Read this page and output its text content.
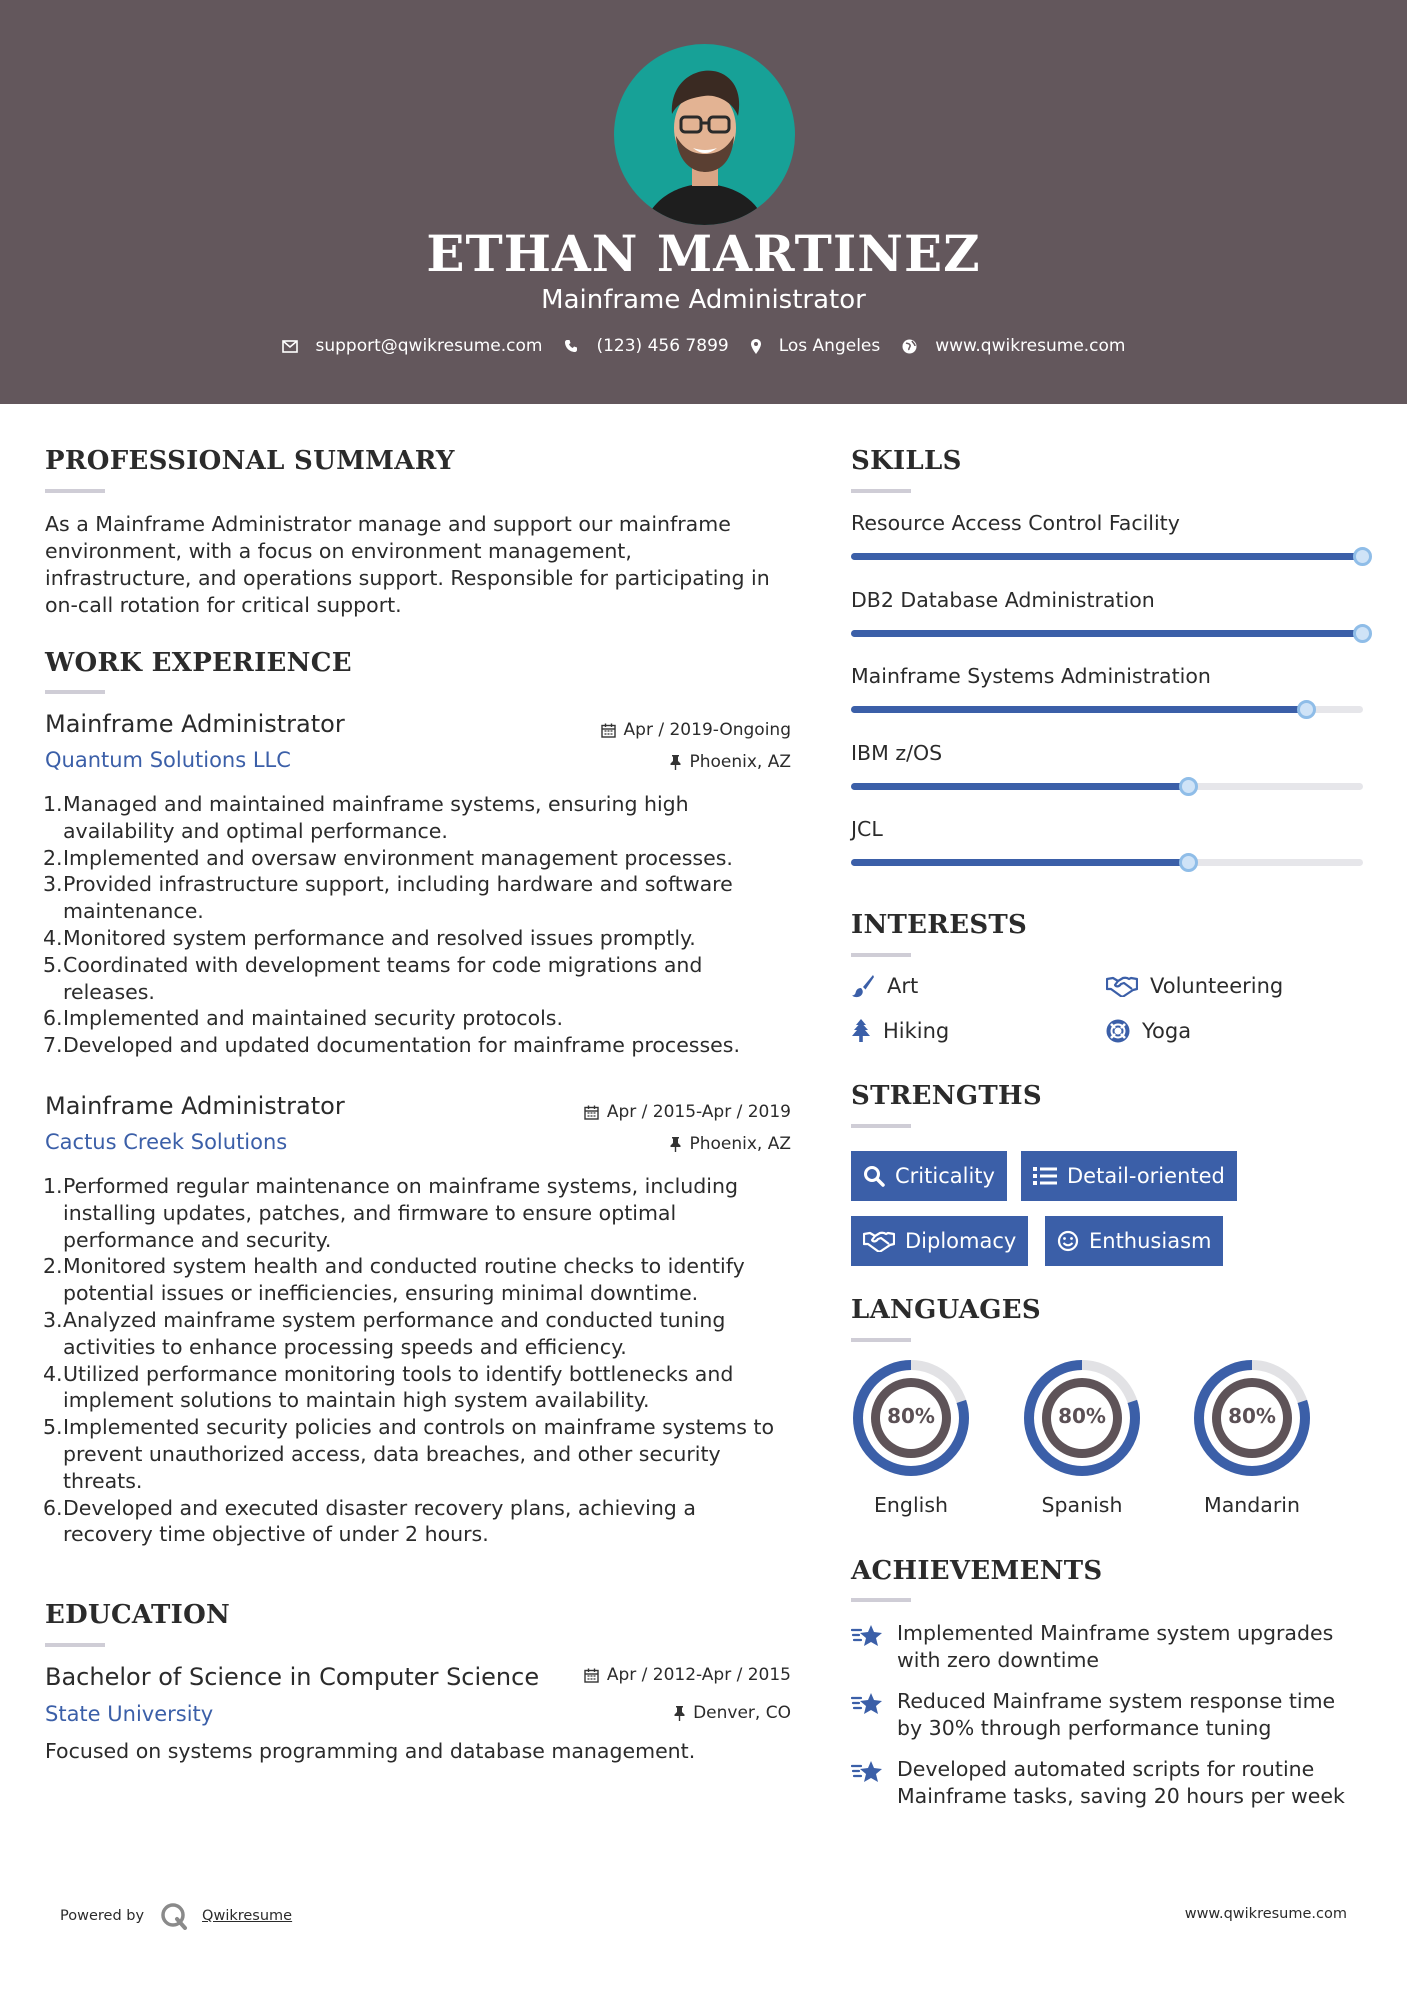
ETHAN MARTINEZ
Mainframe Administrator
support@qwikresume.com	(123) 456 7899	Los Angeles	www.qwikresume.com
PROFESSIONAL SUMMARY
As a Mainframe Administrator manage and support our mainframe
environment, with a focus on environment management,
infrastructure, and operations support. Responsible for participating in
on-call rotation for critical support.
WORK EXPERIENCE
Mainframe Administrator	Apr / 2019-Ongoing
Quantum Solutions LLC	Phoenix, AZ
1. Managed and maintained mainframe systems, ensuring high
availability and optimal performance.
2. Implemented and oversaw environment management processes.
3. Provided infrastructure support, including hardware and software
maintenance.
4. Monitored system performance and resolved issues promptly.
5. Coordinated with development teams for code migrations and
releases.
6. Implemented and maintained security protocols.
7. Developed and updated documentation for mainframe processes.
Mainframe Administrator	Apr / 2015-Apr / 2019
Cactus Creek Solutions	Phoenix, AZ
1. Performed regular maintenance on mainframe systems, including
installing updates, patches, and firmware to ensure optimal
performance and security.
2. Monitored system health and conducted routine checks to identify
potential issues or inefficiencies, ensuring minimal downtime.
3. Analyzed mainframe system performance and conducted tuning
activities to enhance processing speeds and efficiency.
4. Utilized performance monitoring tools to identify bottlenecks and
implement solutions to maintain high system availability.
5. Implemented security policies and controls on mainframe systems to
prevent unauthorized access, data breaches, and other security
threats.
6. Developed and executed disaster recovery plans, achieving a
recovery time objective of under 2 hours.
EDUCATION
Bachelor of Science in Computer Science	Apr / 2012-Apr / 2015
State University	Denver, CO
Focused on systems programming and database management.
SKILLS
Resource Access Control Facility
DB2 Database Administration
Mainframe Systems Administration
IBM z/OS
JCL
INTERESTS
Art	Volunteering
Hiking	Yoga
STRENGTHS
Criticality	Detail-oriented
Diplomacy	Enthusiasm
LANGUAGES
80%
English
80%
Spanish
80%
Mandarin
ACHIEVEMENTS
Implemented Mainframe system upgrades
with zero downtime
Reduced Mainframe system response time
by 30% through performance tuning
Developed automated scripts for routine
Mainframe tasks, saving 20 hours per week
Powered by	Qwikresume	www.qwikresume.com
